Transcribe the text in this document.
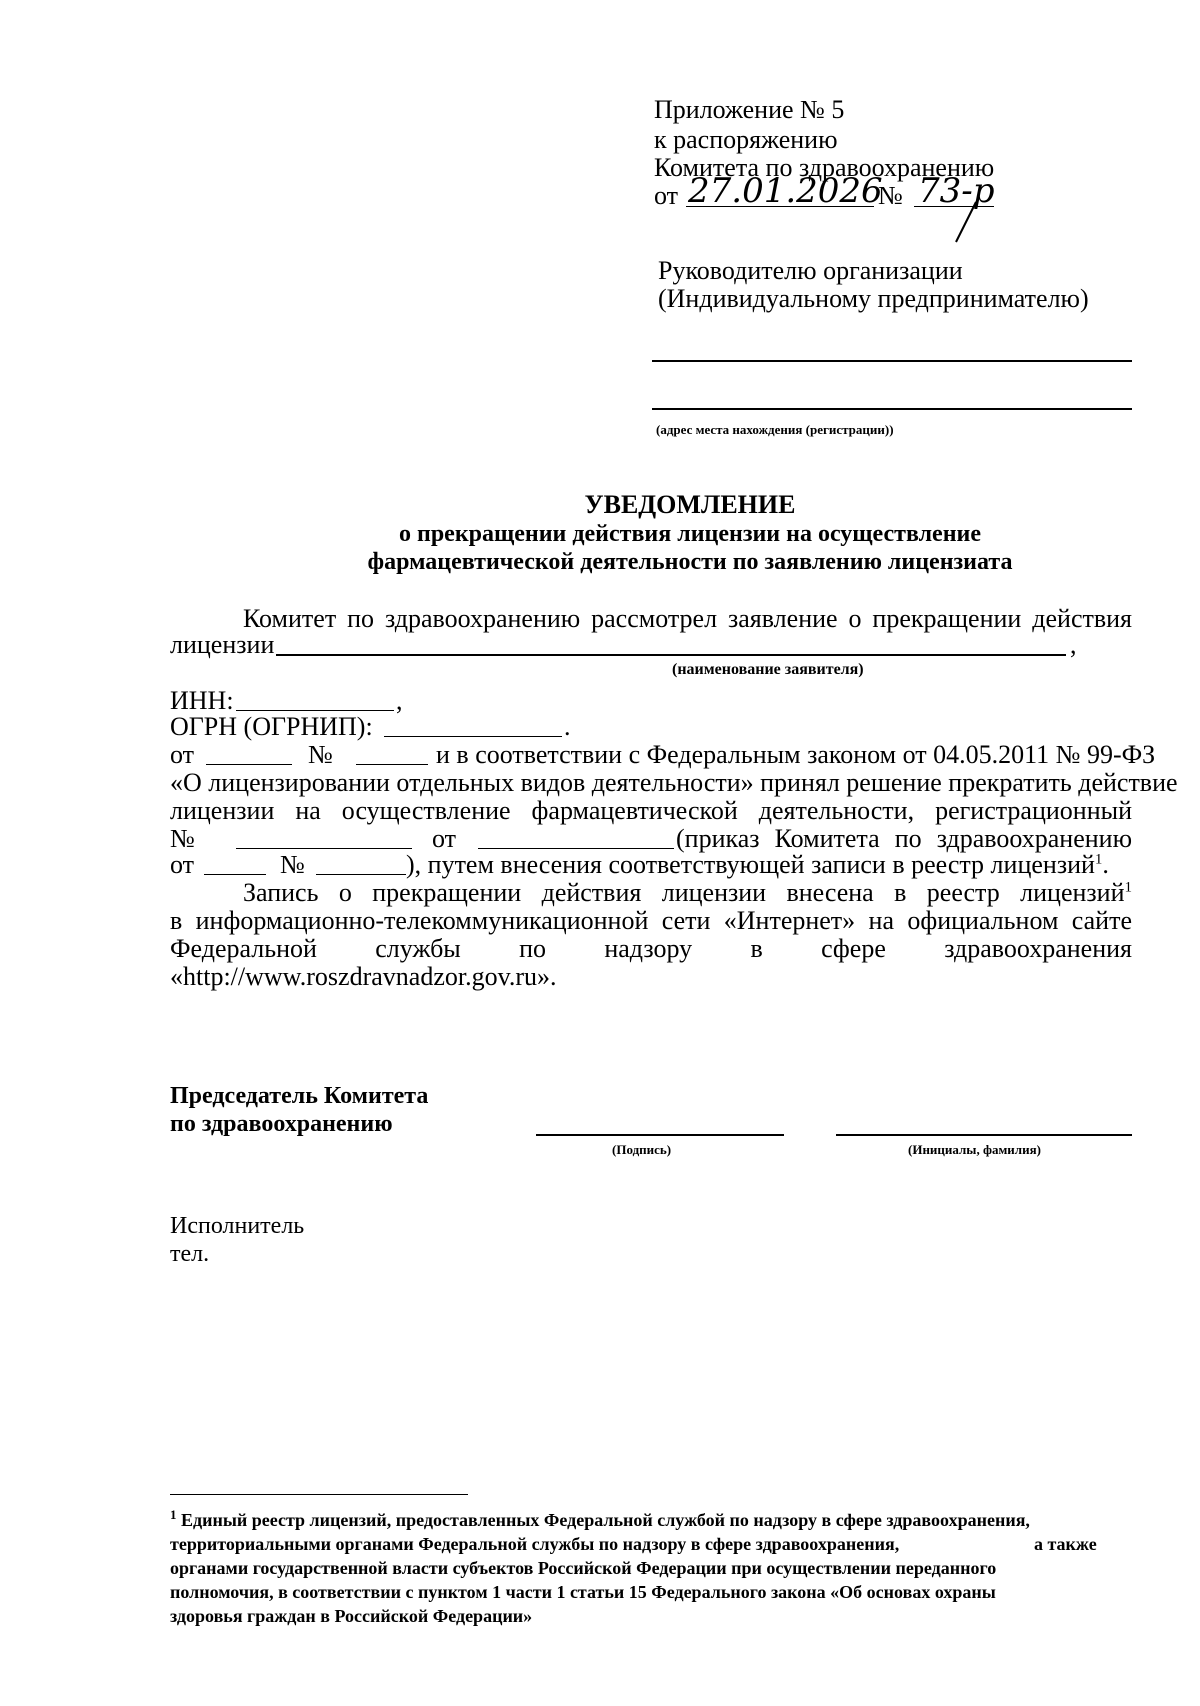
Приложение № 5
к распоряжению
Комитета по здравоохранению
от 27.01.2026
№ 73-р
Руководителю организации
(Индивидуальному предпринимателю)
(адрес места нахождения (регистрации))
УВЕДОМЛЕНИЕ
о прекращении действия лицензии на осуществление
фармацевтической деятельности по заявлению лицензиата
Комитет по здравоохранению рассмотрел заявление о прекращении действия
лицензии	,
(наименование заявителя)
ИНН:	,
ОГРН (ОГРНИП):	.
от	№	и в соответствии с Федеральным законом от 04.05.2011 № 99-ФЗ
«О лицензировании отдельных видов деятельности» принял решение прекратить действие
лицензии на осуществление фармацевтической деятельности, регистрационный
№	от	(приказ Комитета по здравоохранению
от	№	), путем внесения соответствующей записи в реестр лицензий$^1$.
Запись о прекращении действия лицензии внесена в реестр лицензий$^1$
в информационно-телекоммуникационной сети «Интернет» на официальном сайте
Федеральной службы по надзору в сфере здравоохранения
«http://www.roszdravnadzor.gov.ru».
Председатель Комитета
по здравоохранению
(Подпись)	(Инициалы, фамилия)
Исполнитель
тел.
$^1$ Единый реестр лицензий, предоставленных Федеральной службой по надзору в сфере здравоохранения,
территориальными органами Федеральной службы по надзору в сфере здравоохранения,	а также
органами государственной власти субъектов Российской Федерации при осуществлении переданного
полномочия, в соответствии с пунктом 1 части 1 статьи 15 Федерального закона «Об основах охраны
здоровья граждан в Российской Федерации»
